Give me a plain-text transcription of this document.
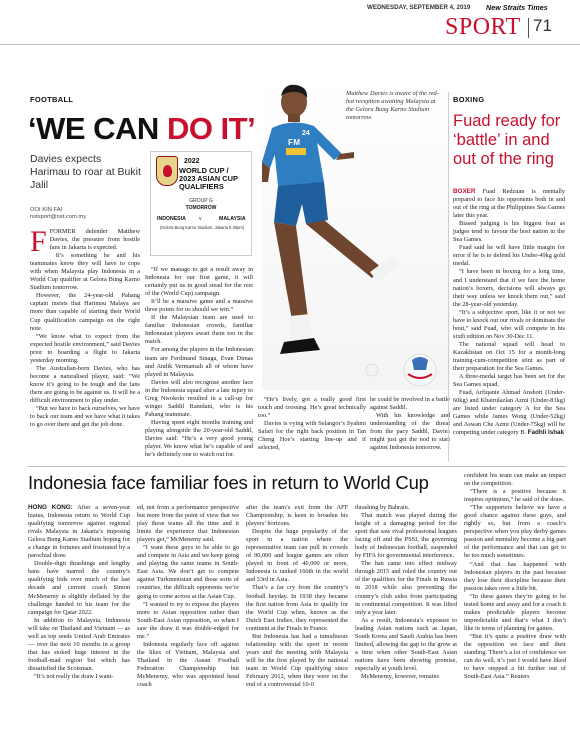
WEDNESDAY, SEPTEMBER 4, 2019 New Straits Times
SPORT 71
FOOTBALL
‘WE CAN DO IT’
Davies expects Harimau to roar at Bukit Jalil
OOI KIN FAI
nstsport@nst.com.my
2022
WORLD CUP /
2023 ASIAN CUP
QUALIFIERS
GROUP G
TOMORROW
INDONESIA	v	MALAYSIA
(Gelora Bung Karno Stadium, Jakarta 8.30pm)
24
FM
Matthew Davies is aware of the red-hot reception awaiting Malaysia at the Gelora Bung Karno Stadium tomorrow.

FFORMER defender Matthew Davies, the pressure from hostile fans in Jakarta is expected.

It’s something he and his teammates know they will have to cope with when Malaysia play Indonesia in a World Cup qualifier at Gelora Bung Karno Stadium tomorrow.

However, the 24-year-old Pahang captain insists that Harimau Malaya are more than capable of starting their World Cup qualification campaign on the right note.

“We know what to expect from the expected hostile environment,” said Davies prior to boarding a flight to Jakarta yesterday morning.

The Australian-born Davies, who has become a naturalised player, said: “We know it’s going to be tough and the fans there are going to be against us. It will be a difficult environment to play under.

“But we have to back ourselves, we have to back our team and we have what it takes to go over there and get the job done.

“If we manage to get a result away in Indonesia for our first game, it will certainly put us in good stead for the rest of the (World Cup) campaign.

It’ll be a massive game and a massive three points for us should we win.”

If the Malaysian team are used to familiar Indonesian crowds, familiar Indonesian players await them too in the match.

For among the players in the Indonesian team are Ferdinand Sinaga, Evan Dimas and Andik Vermansah all of whom have played in Malaysia.

Davies will also recognise another face in the Indonesia squad after a late injury to Greg Nwokolo resulted in a call-up for winger Saddil Ramdani, who is his Pahang teammate.

Having spent eight months training and playing alongside the 20-year-old Saddil, Davies said: “He’s a very good young player. We know what he’s capable of and he’s definitely one to watch out for.

“He’s lively, got a really good first touch and crossing. He’s great technically too.”

Davies is vying with Selangor’s Syahmi Safari for the right back position in Tan Cheng Hoe’s starting line-up and if selected,

he could be involved in a battle against Saddil.

With his knowledge and understanding of the threat from the pacy Saddil, Davies might just get the nod to start against Indonesia tomorrow.

BOXING
Fuad ready for ‘battle’ in and out of the ring

BOXER Fuad Redzuan is mentally prepared to face his opponents both in and out of the ring at the Philippines Sea Games later this year.

Biased judging is his biggest fear as judges tend to favour the host nation in the Sea Games.

Fuad said he will have little margin for error if he is to defend his Under-49kg gold medal.

“I have been in boxing for a long time, and I understand that if we face the home nation’s boxers, decisions will always go their way unless we knock them out,” said the 28-year-old yesterday.

“It’s a subjective sport, like it or not we have to knock out our rivals or dominate the bout,” said Fuad, who will compete in his sixth edition on Nov 30-Dec 11.

The national squad will head to Kazakhstan on Oct 15 for a month-long training-cum-competition stint as part of their preparation for the Sea Games.

A three-medal target has been set for the Sea Games squad.

Fuad, Arfiqanie Ahmad Anshori (Under-60kg) and Khairulazlan Azmi (Under-81kg) are listed under category A for the Sea Games while James Wong (Under-52kg) and Aswan Che Azmi (Under-75kg) will be competing under category B. Fadhli Ishak

Indonesia face familiar foes in return to World Cup

HONG KONG: After a seven-year hiatus, Indonesia return to World Cup qualifying tomorrow against regional rivals Malaysia in Jakarta’s imposing Gelora Bung Karno Stadium hoping for a change in fortunes and frustrated by a parochial draw.

Double-digit thrashings and lengthy bans have marred the country’s qualifying bids over much of the last decade and current coach Simon McMenemy is slightly deflated by the challenge handed to his team for the campaign for Qatar 2022.

In addition to Malaysia, Indonesia will take on Thailand and Vietnam — as well as top seeds United Arab Emirates — over the next 10 months in a group that has stoked huge interest in the football-mad region but which has dissatisfied the Scotsman.

“It’s not really the draw I want-

ed, not from a performance perspective but more from the point of view that we play these teams all the time and it limits the experience that Indonesian players get,” McMenemy said.

“I want these guys to be able to go and compete in Asia and we keep going and playing the same teams in South-East Asia. We don’t get to compete against Turkmenistan and those sorts of countries, the difficult opponents we’re going to come across at the Asian Cup.

“I wanted to try to expose the players more to Asian opposition rather than South-East Asian opposition, so when I saw the draw it was double-edged for me.”

Indonesia regularly face off against the likes of Vietnam, Malaysia and Thailand in the Asean Football Federation Championship but McMenemy, who was appointed head coach

after the team’s exit from the AFF Championship, is keen to broaden his players’ horizons.

Despite the huge popularity of the sport in a nation where the representative team can pull in crowds of 90,000 and league games are often played in front of 40,000 or more, Indonesia is ranked 160th in the world and 33rd in Asia.

That’s a far cry from the country’s football heyday. In 1938 they became the first nation from Asia to qualify for the World Cup when, known as the Dutch East Indies, they represented the continent at the Finals in France.

But Indonesia has had a tumultuous relationship with the sport in recent years and the meeting with Malaysia will be the first played by the national team in World Cup qualifying since February 2012, when they were on the end of a controversial 10-0

thrashing by Bahrain.

That match was played during the height of a damaging period for the sport that saw rival professional leagues facing off and the PSSI, the governing body of Indonesian football, suspended by FIFA for governmental interference.

The ban came into effect midway through 2015 and ruled the country out of the qualifiers for the Finals in Russia in 2018 while also preventing the country’s club sides from participating in continental competition. It was lifted only a year later.

As a result, Indonesia’s exposure to leading Asian nations such as Japan, South Korea and Saudi Arabia has been limited, allowing the gap to the grow at a time when other South-East Asian nations have been showing promise, especially at youth level.

McMenemy, however, remains

confident his team can make an impact on the competition.

“There is a positive because it inspires optimism,” he said of the draw.

“The supporters believe we have a good chance against these guys, and rightly so, but from a coach’s perspective when you play derby games passion and mentality become a big part of the performance and that can get to be too much sometimes.

“And that has happened with Indonesian players in the past because they lose their discipline because their passion takes over a little bit.

“In these games they’re going to be tested home and away and for a coach it makes predictable players become unpredictable and that’s what I don’t like in terms of planning for games.

“But it’s quite a positive draw with the opposition we face and their standing. There’s a lot of confidence we can do well, it’s just I would have liked to have stepped a bit further out of South-East Asia.” Reuters
